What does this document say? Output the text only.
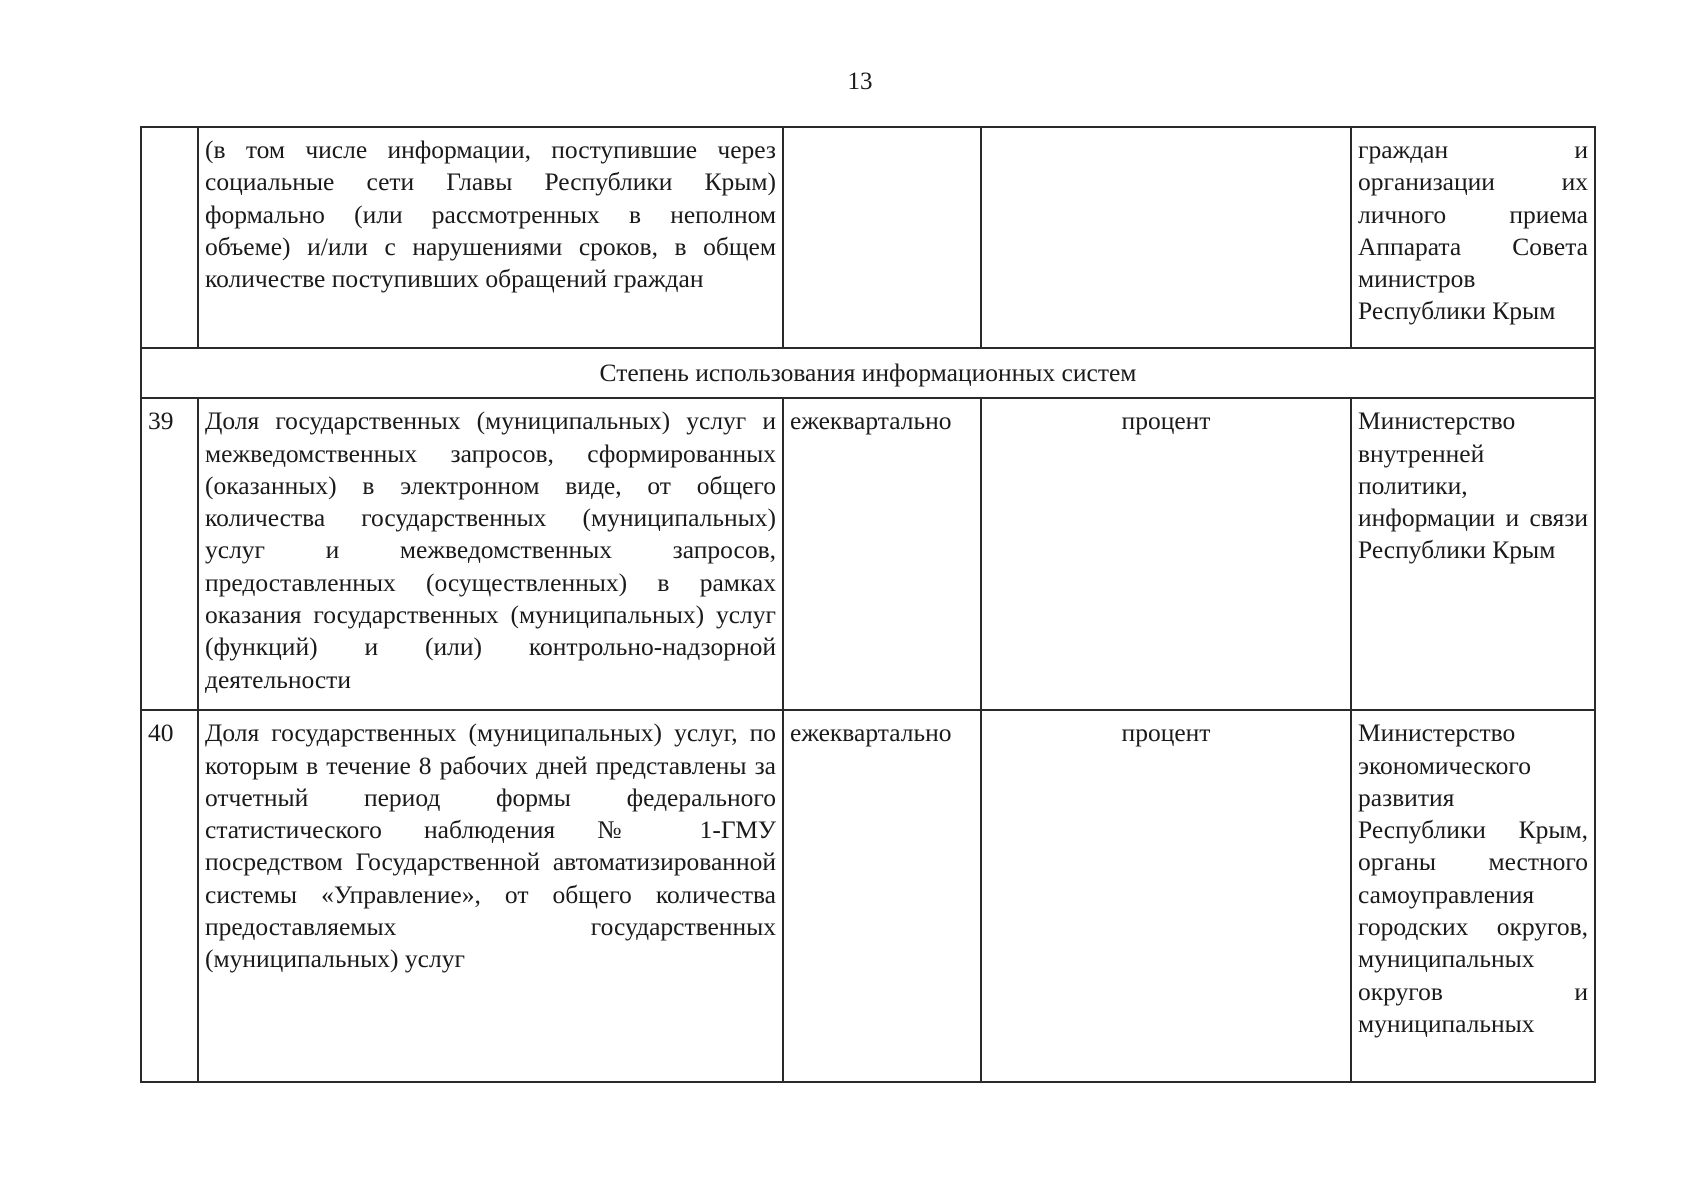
13
	(в том числе информации, поступившие через социальные сети Главы Республики Крым) формально (или рассмотренных в неполном объеме) и/или с нарушениями сроков, в общем количестве поступивших обращений граждан			граждан и организации их личного приема Аппарата Совета министров Республики Крым
Степень использования информационных систем				
39	Доля государственных (муниципальных) услуг и межведомственных запросов, сформированных (оказанных) в электронном виде, от общего количества государственных (муниципальных) услуг и межведомственных запросов, предоставленных (осуществленных) в рамках оказания государственных (муниципальных) услуг (функций) и (или) контрольно-надзорной деятельности	ежеквартально	процент	Министерство внутренней политики, информации и связи Республики Крым
40	Доля государственных (муниципальных) услуг, по которым в течение 8 рабочих дней представлены за отчетный период формы федерального статистического наблюдения № 1-ГМУ посредством Государственной автоматизированной системы «Управление», от общего количества предоставляемых государственных (муниципальных) услуг	ежеквартально	процент	Министерство экономического развития Республики Крым, органы местного самоуправления городских округов, муниципальных округов и муниципальных
